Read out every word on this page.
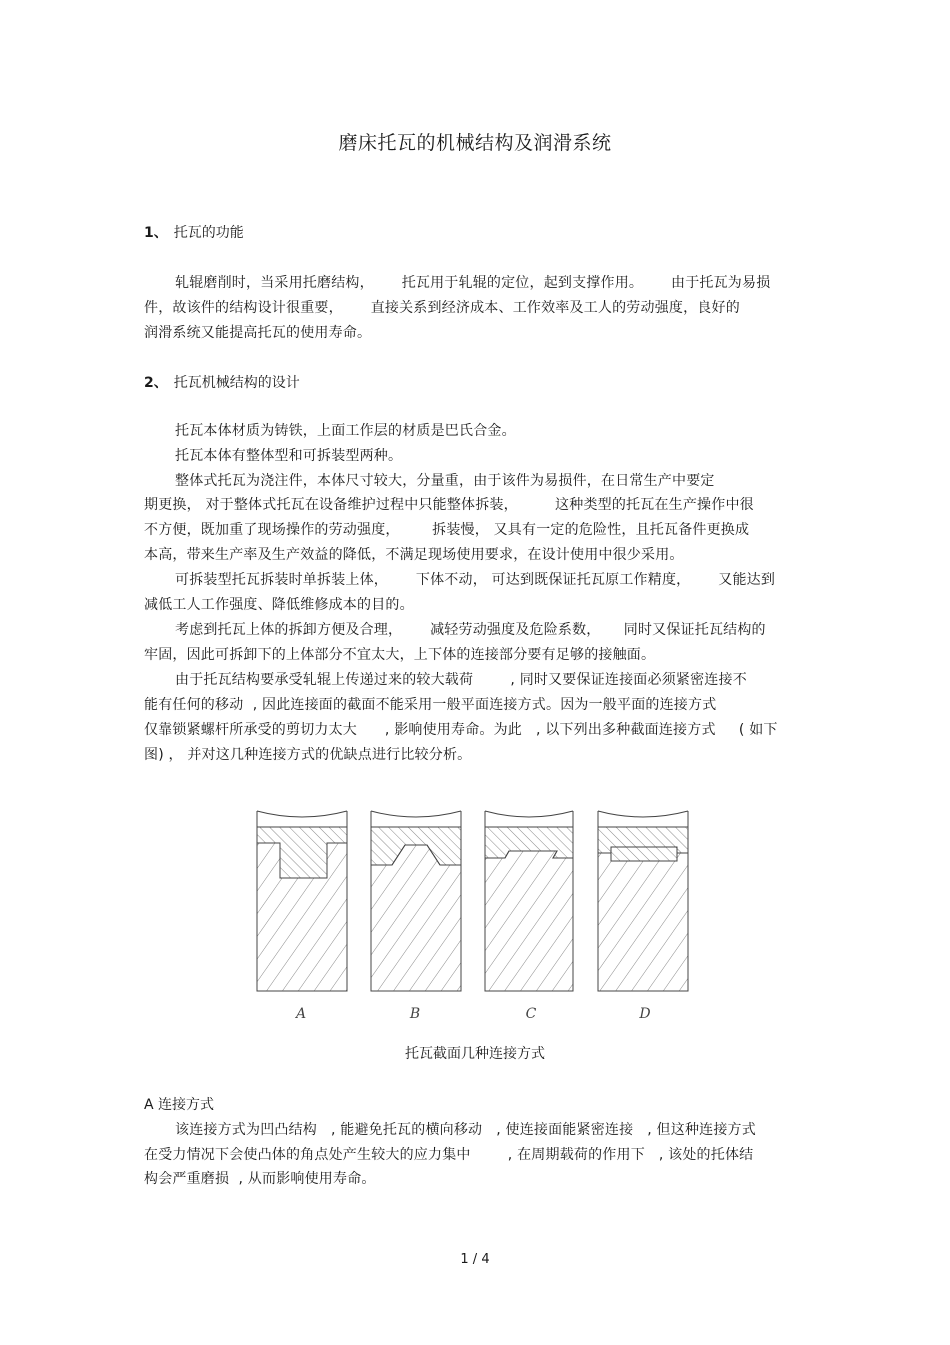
磨床托瓦的机械结构及润滑系统
1、 托瓦的功能
轧辊磨削时，当采用托磨结构，      托瓦用于轧辊的定位，起到支撑作用。      由于托瓦为易损
件，故该件的结构设计很重要，      直接关系到经济成本、工作效率及工人的劳动强度，良好的
润滑系统又能提高托瓦的使用寿命。
2、 托瓦机械结构的设计
托瓦本体材质为铸铁，上面工作层的材质是巴氏合金。
托瓦本体有整体型和可拆装型两种。
整体式托瓦为浇注件，本体尺寸较大，分量重，由于该件为易损件，在日常生产中要定
期更换， 对于整体式托瓦在设备维护过程中只能整体拆装，        这种类型的托瓦在生产操作中很
不方便，既加重了现场操作的劳动强度，       拆装慢， 又具有一定的危险性，且托瓦备件更换成
本高，带来生产率及生产效益的降低，不满足现场使用要求，在设计使用中很少采用。
可拆装型托瓦拆装时单拆装上体，      下体不动， 可达到既保证托瓦原工作精度，      又能达到
减低工人工作强度、降低维修成本的目的。
考虑到托瓦上体的拆卸方便及合理，      减轻劳动强度及危险系数，     同时又保证托瓦结构的
牢固，因此可拆卸下的上体部分不宜太大，上下体的连接部分要有足够的接触面。
由于托瓦结构要承受轧辊上传递过来的较大载荷        , 同时又要保证连接面必须紧密连接不
能有任何的移动  , 因此连接面的截面不能采用一般平面连接方式。因为一般平面的连接方式
仅靠锁紧螺杆所承受的剪切力太大      , 影响使用寿命。为此   , 以下列出多种截面连接方式     ( 如下
图) ， 并对这几种连接方式的优缺点进行比较分析。
A	B	C	D
托瓦截面几种连接方式
A 连接方式
该连接方式为凹凸结构   , 能避免托瓦的横向移动   , 使连接面能紧密连接   , 但这种连接方式
在受力情况下会使凸体的角点处产生较大的应力集中        , 在周期载荷的作用下   , 该处的托体结
构会严重磨损  , 从而影响使用寿命。
1 / 4
